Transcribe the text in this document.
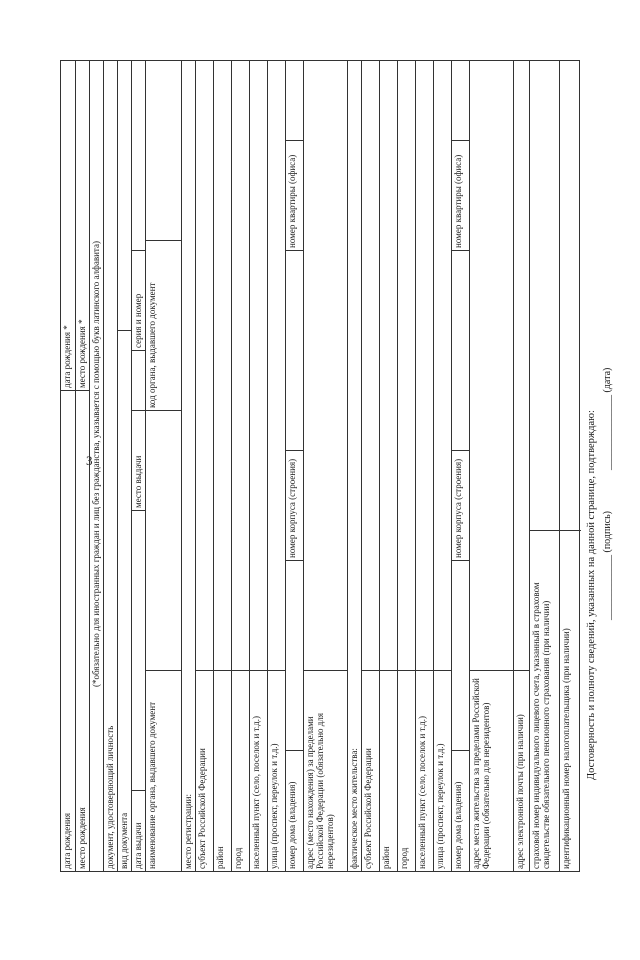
3
дата рождения
дата рождения *
место рождения
место рождения * (*обязательно для иностранных граждан и лиц без гражданства, указывается с помощью букв латинского алфавита)
документ, удостоверяющий личность вид документа дата выдачи
место выдачи
серия и номер
наименование органа, выдавшего документ
код органа, выдавшего документ
место регистрации: субъект Российской Федерации район город населенный пункт (село, поселок и т.д.) улица (проспект, переулок и т.д.) номер дома (владения)
номер корпуса (строения)
номер квартиры (офиса)
адрес (место нахождения) за пределами Российской Федерации (обязательно для нерезидентов) фактическое место жительства: субъект Российской Федерации район город населенный пункт (село, поселок и т.д.) улица (проспект, переулок и т.д.) номер дома (владения)
номер корпуса (строения)
номер квартиры (офиса)
адрес места жительства за пределами Российской Федерации (обязательно для нерезидентов)	адрес электронной почты (при наличии) страховой номер индивидуального лицевого счета, указанный в страховом свидетельстве обязательного пенсионного страхования (при наличии) идентификационный номер налогоплательщика (при наличии) Достоверность и полноту сведений, указанных на данной странице, подтверждаю: _____________ (подпись)
_______________ (дата)
